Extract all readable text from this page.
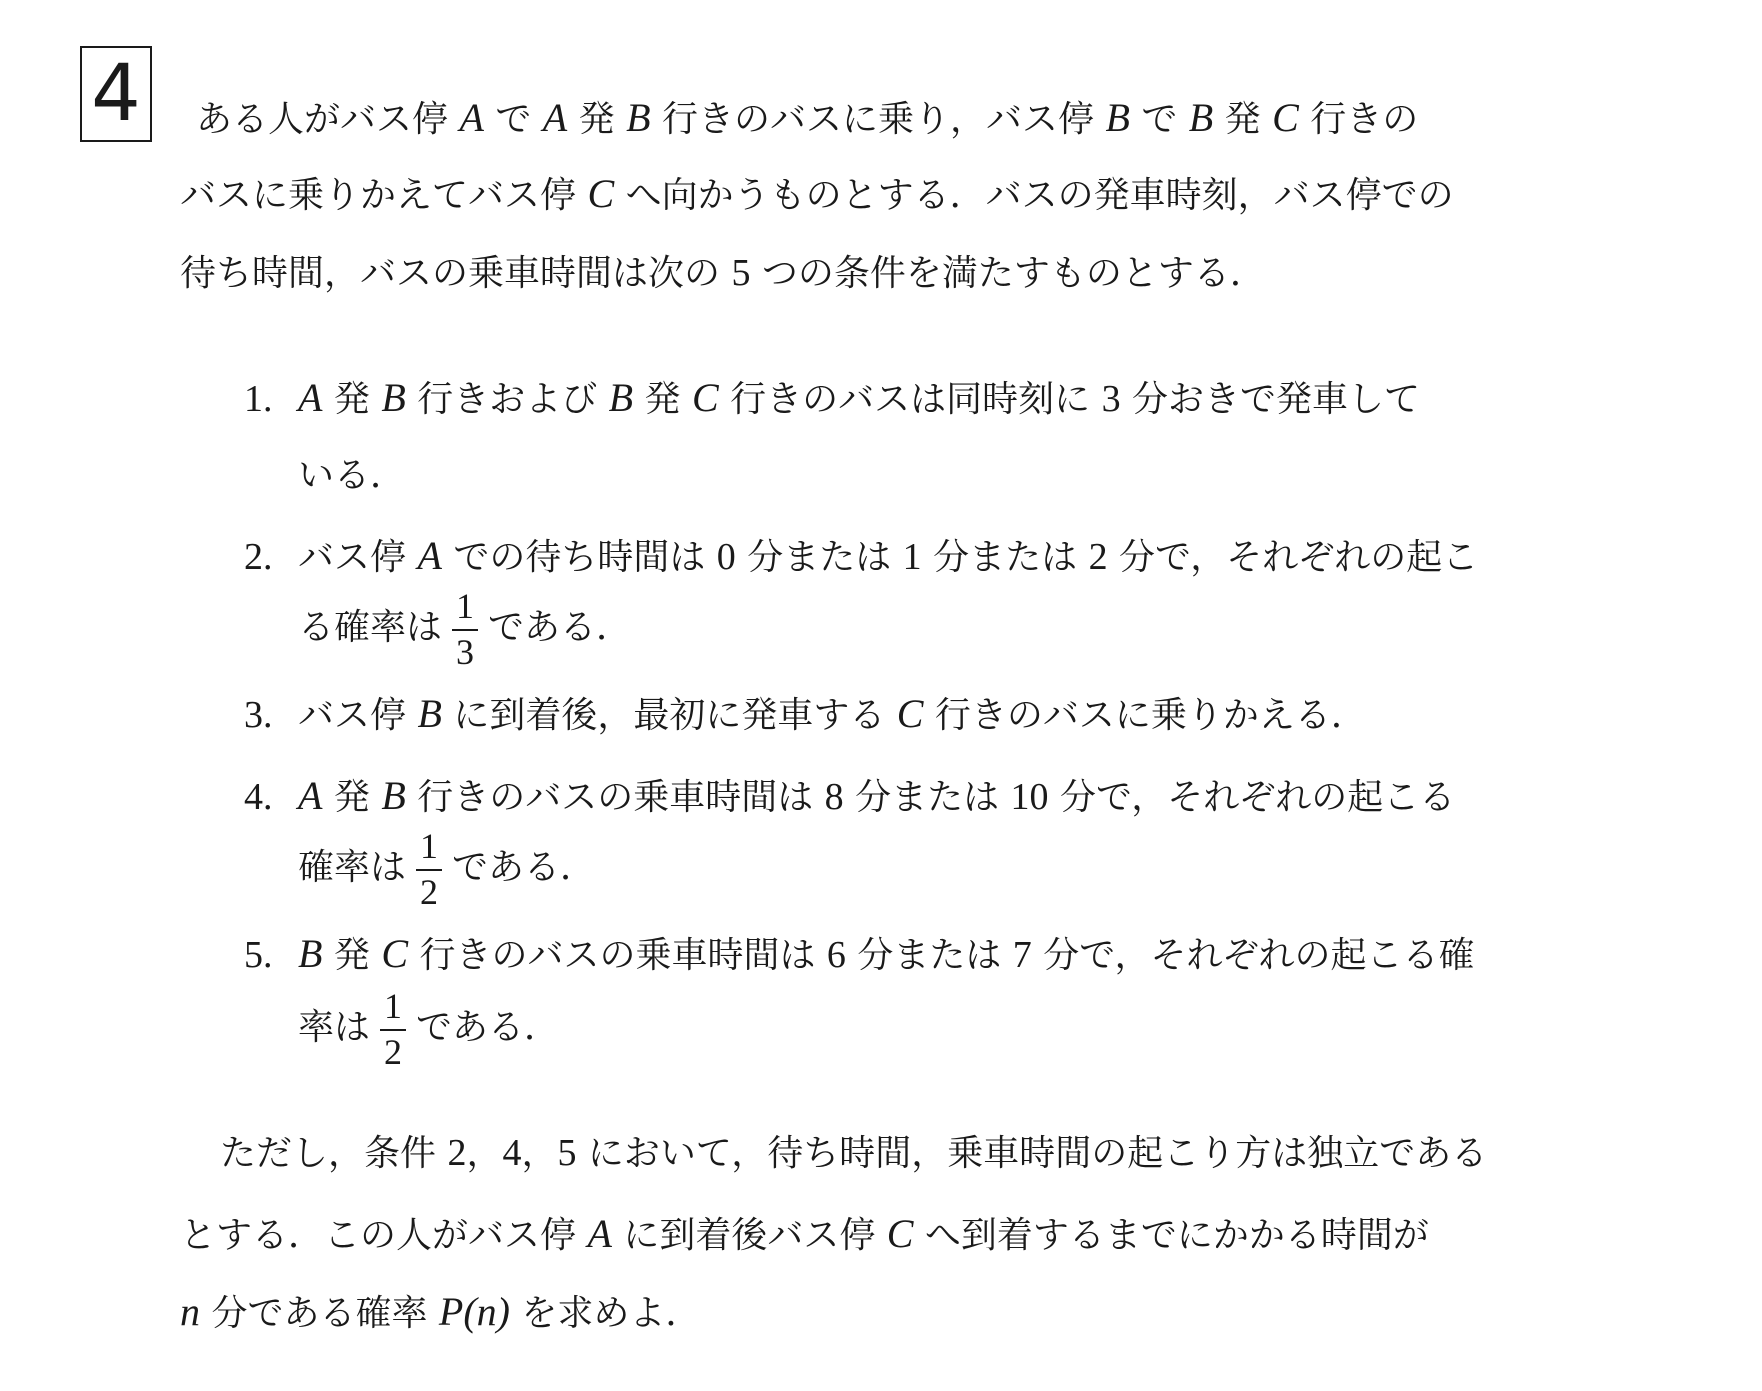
4 ある人がバス停 A で A 発 B 行きのバスに乗り，バス停 B で B 発 C 行きの
バスに乗りかえてバス停 C へ向かうものとする．バスの発車時刻，バス停での
待ち時間，バスの乗車時間は次の 5 つの条件を満たすものとする．
1. A 発 B 行きおよび B 発 C 行きのバスは同時刻に 3 分おきで発車して
いる．
2. バス停 A での待ち時間は 0 分または 1 分または 2 分で，それぞれの起こ
る確率は $\frac{1}{3}$ である．
3. バス停 B に到着後，最初に発車する C 行きのバスに乗りかえる．
4. A 発 B 行きのバスの乗車時間は 8 分または 10 分で，それぞれの起こる
確率は $\frac{1}{2}$ である．
5. B 発 C 行きのバスの乗車時間は 6 分または 7 分で，それぞれの起こる確
率は $\frac{1}{2}$ である．
ただし，条件 2，4，5 において，待ち時間，乗車時間の起こり方は独立である
とする．この人がバス停 A に到着後バス停 C へ到着するまでにかかる時間が
n 分である確率 P(n) を求めよ．
